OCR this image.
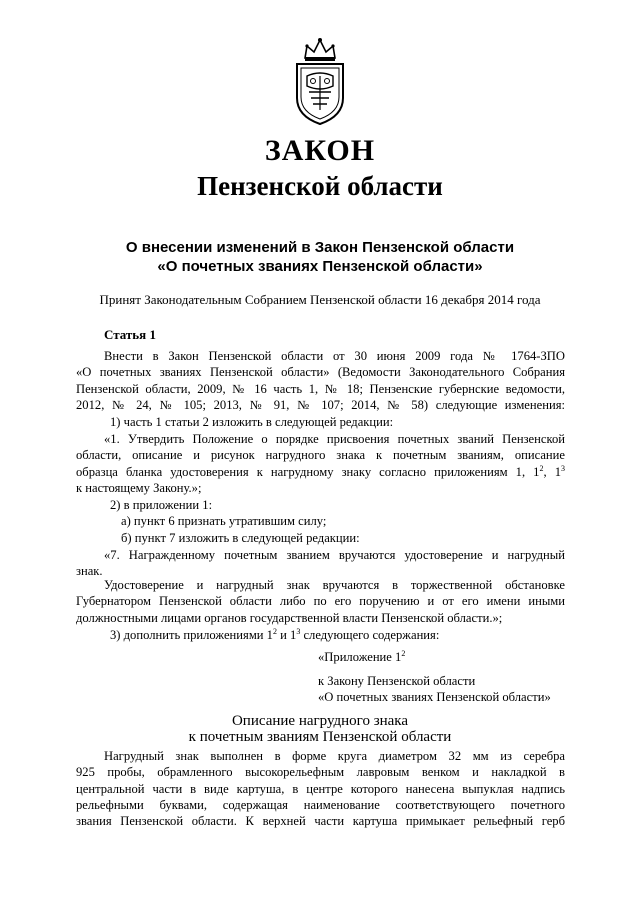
ЗАКОН
Пензенской области
О внесении изменений в Закон Пензенской области
«О почетных званиях Пензенской области»
Принят Законодательным Собранием Пензенской области 16 декабря 2014 года
Статья 1
Внести в Закон Пензенской области от 30 июня 2009 года № 1764-ЗПО
«О почетных званиях Пензенской области» (Ведомости Законодательного Собрания
Пензенской области, 2009, № 16 часть 1, № 18; Пензенские губернские ведомости,
2012, № 24, № 105; 2013, № 91, № 107; 2014, № 58) следующие изменения:
1) часть 1 статьи 2 изложить в следующей редакции:
«1. Утвердить Положение о порядке присвоения почетных званий Пензенской
области, описание и рисунок нагрудного знака к почетным званиям, описание
образца бланка удостоверения к нагрудному знаку согласно приложениям 1, $1^2$, $1^3$
к настоящему Закону.»;
2) в приложении 1:
а) пункт 6 признать утратившим силу;
б) пункт 7 изложить в следующей редакции:
«7. Награжденному почетным званием вручаются удостоверение и нагрудный
знак.
Удостоверение и нагрудный знак вручаются в торжественной обстановке
Губернатором Пензенской области либо по его поручению и от его имени иными
должностными лицами органов государственной власти Пензенской области.»;
3) дополнить приложениями $1^2$ и $1^3$ следующего содержания:
«Приложение $1^2$
к Закону Пензенской области
«О почетных званиях Пензенской области»
Описание нагрудного знака
к почетным званиям Пензенской области
Нагрудный знак выполнен в форме круга диаметром 32 мм из серебра
925 пробы, обрамленного высокорельефным лавровым венком и накладкой в
центральной части в виде картуша, в центре которого нанесена выпуклая надпись
рельефными буквами, содержащая наименование соответствующего почетного
звания Пензенской области. К верхней части картуша примыкает рельефный герб
